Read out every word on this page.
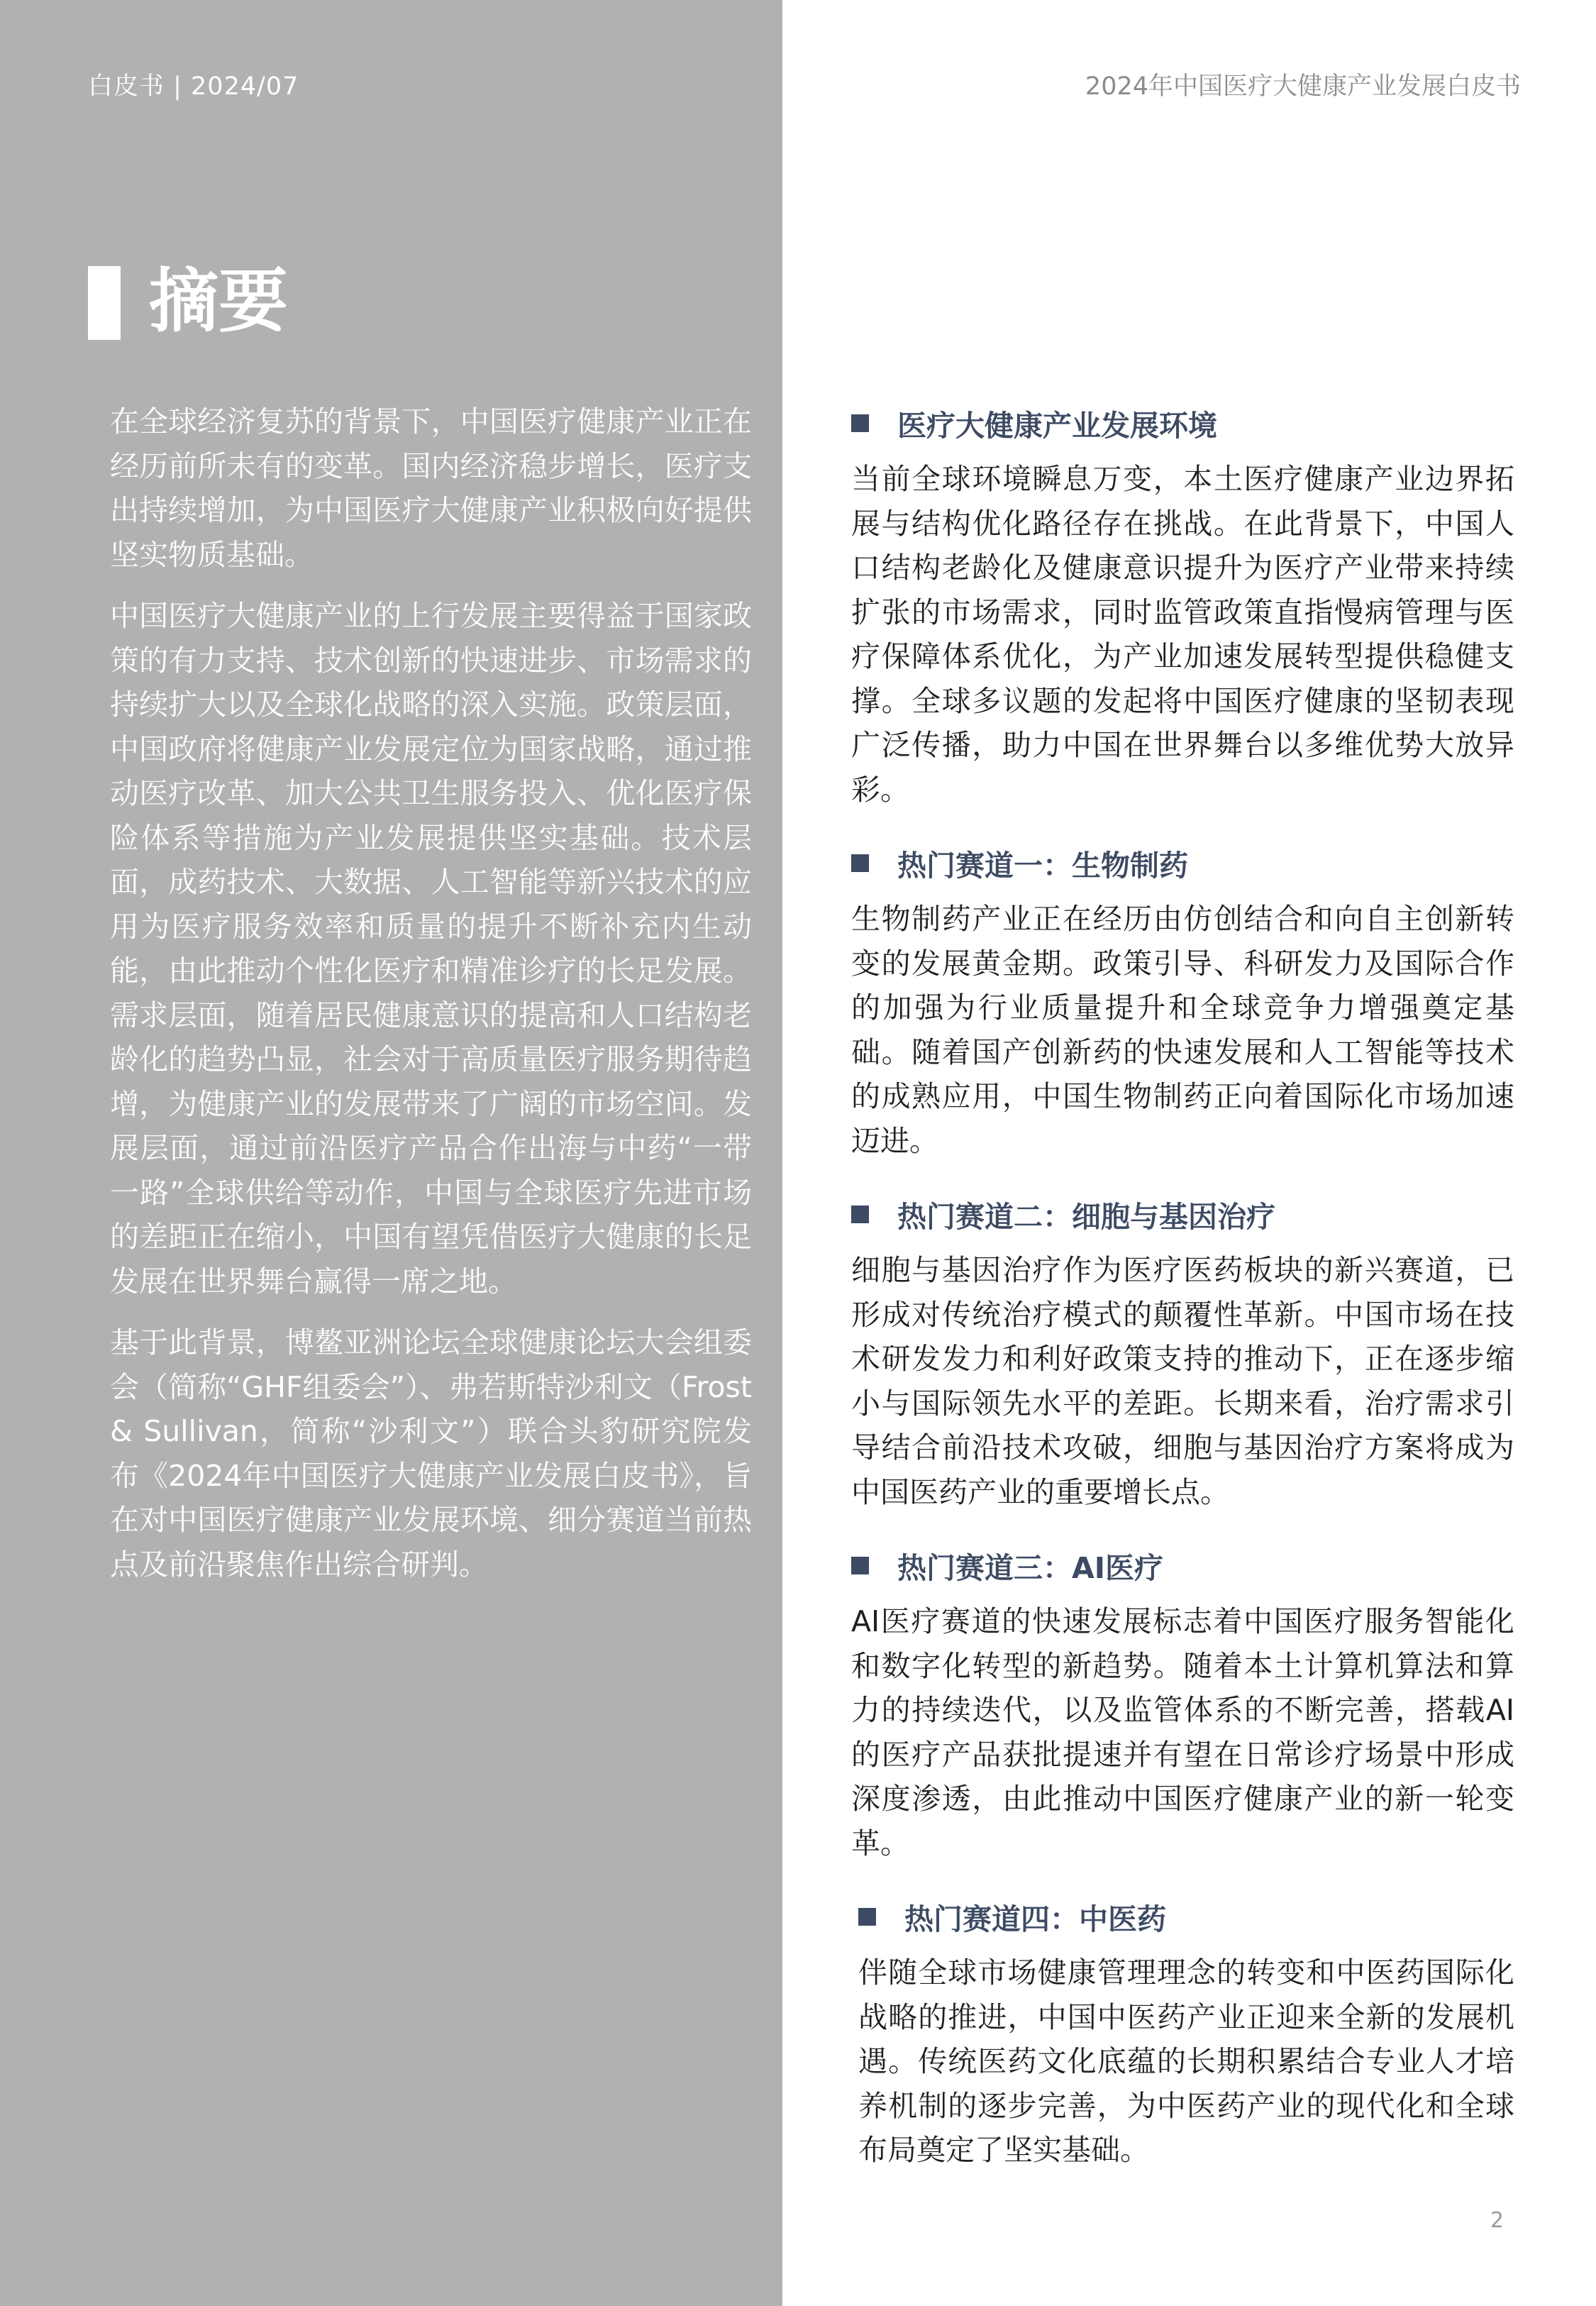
白皮书 | 2024/07	2024年中国医疗大健康产业发展白皮书
摘要

在全球经济复苏的背景下，中国医疗健康产业正在经历前所未有的变革。国内经济稳步增长，医疗支出持续增加，为中国医疗大健康产业积极向好提供坚实物质基础。

中国医疗大健康产业的上行发展主要得益于国家政策的有力支持、技术创新的快速进步、市场需求的持续扩大以及全球化战略的深入实施。政策层面，中国政府将健康产业发展定位为国家战略，通过推动医疗改革、加大公共卫生服务投入、优化医疗保险体系等措施为产业发展提供坚实基础。技术层面，成药技术、大数据、人工智能等新兴技术的应用为医疗服务效率和质量的提升不断补充内生动能，由此推动个性化医疗和精准诊疗的长足发展。需求层面，随着居民健康意识的提高和人口结构老龄化的趋势凸显，社会对于高质量医疗服务期待趋增，为健康产业的发展带来了广阔的市场空间。发展层面，通过前沿医疗产品合作出海与中药“一带一路”全球供给等动作，中国与全球医疗先进市场的差距正在缩小，中国有望凭借医疗大健康的长足发展在世界舞台赢得一席之地。

基于此背景，博鳌亚洲论坛全球健康论坛大会组委会（简称“GHF组委会”）、弗若斯特沙利文（Frost & Sullivan，简称“沙利文”）联合头豹研究院发布《2024年中国医疗大健康产业发展白皮书》，旨在对中国医疗健康产业发展环境、细分赛道当前热点及前沿聚焦作出综合研判。

医疗大健康产业发展环境

当前全球环境瞬息万变，本土医疗健康产业边界拓展与结构优化路径存在挑战。在此背景下，中国人口结构老龄化及健康意识提升为医疗产业带来持续扩张的市场需求，同时监管政策直指慢病管理与医疗保障体系优化，为产业加速发展转型提供稳健支撑。全球多议题的发起将中国医疗健康的坚韧表现广泛传播，助力中国在世界舞台以多维优势大放异彩。

热门赛道一：生物制药

生物制药产业正在经历由仿创结合和向自主创新转变的发展黄金期。政策引导、科研发力及国际合作的加强为行业质量提升和全球竞争力增强奠定基础。随着国产创新药的快速发展和人工智能等技术的成熟应用，中国生物制药正向着国际化市场加速迈进。

热门赛道二：细胞与基因治疗

细胞与基因治疗作为医疗医药板块的新兴赛道，已形成对传统治疗模式的颠覆性革新。中国市场在技术研发发力和利好政策支持的推动下，正在逐步缩小与国际领先水平的差距。长期来看，治疗需求引导结合前沿技术攻破，细胞与基因治疗方案将成为中国医药产业的重要增长点。

热门赛道三：AI医疗

AI医疗赛道的快速发展标志着中国医疗服务智能化和数字化转型的新趋势。随着本土计算机算法和算力的持续迭代，以及监管体系的不断完善，搭载AI的医疗产品获批提速并有望在日常诊疗场景中形成深度渗透，由此推动中国医疗健康产业的新一轮变革。

热门赛道四：中医药

伴随全球市场健康管理理念的转变和中医药国际化战略的推进，中国中医药产业正迎来全新的发展机遇。传统医药文化底蕴的长期积累结合专业人才培养机制的逐步完善，为中医药产业的现代化和全球布局奠定了坚实基础。

2
